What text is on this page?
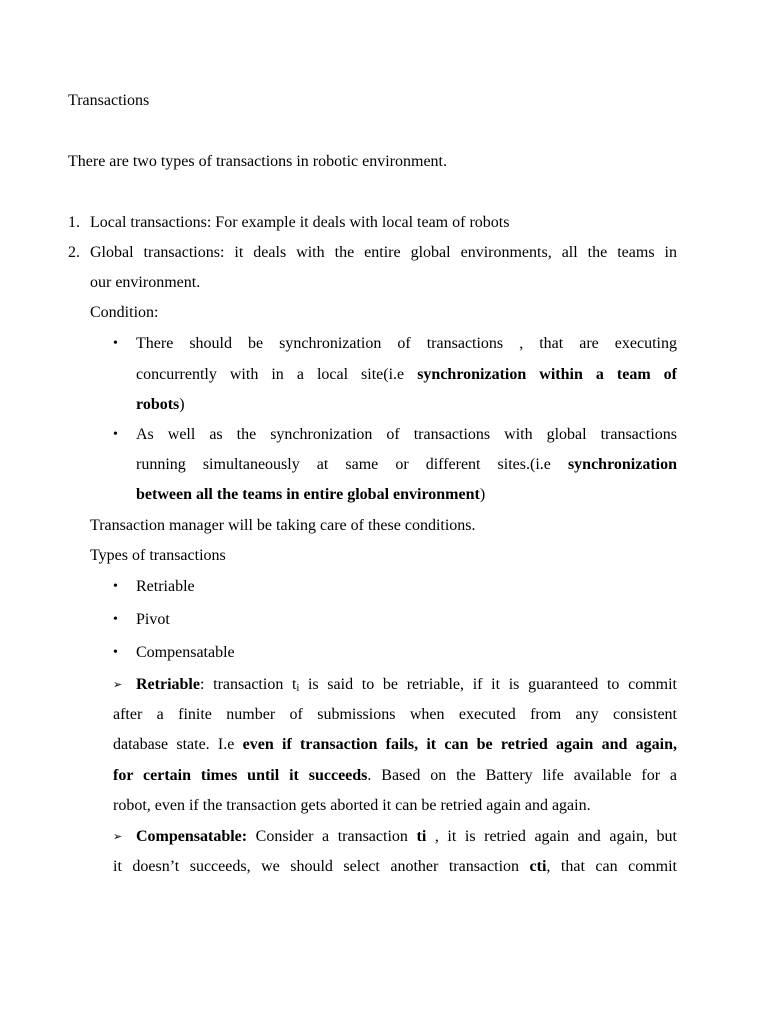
Transactions
There are two types of transactions in robotic environment.
1. Local transactions: For example it deals with local team of robots
2. Global transactions: it deals with the entire global environments, all the teams in
our environment.
Condition:
• There should be synchronization of transactions , that are executing
concurrently with in a local site(i.e synchronization within a team of
robots)
• As well as the synchronization of transactions with global transactions
running simultaneously at same or different sites.(i.e synchronization
between all the teams in entire global environment)
Transaction manager will be taking care of these conditions.
Types of transactions
• Retriable
• Pivot
• Compensatable
➢ Retriable: transaction $t_i$ is said to be retriable, if it is guaranteed to commit
after a finite number of submissions when executed from any consistent
database state. I.e even if transaction fails, it can be retried again and again,
for certain times until it succeeds. Based on the Battery life available for a
robot, even if the transaction gets aborted it can be retried again and again.
➢ Compensatable: Consider a transaction ti , it is retried again and again, but
it doesn’t succeeds, we should select another transaction cti, that can commit
